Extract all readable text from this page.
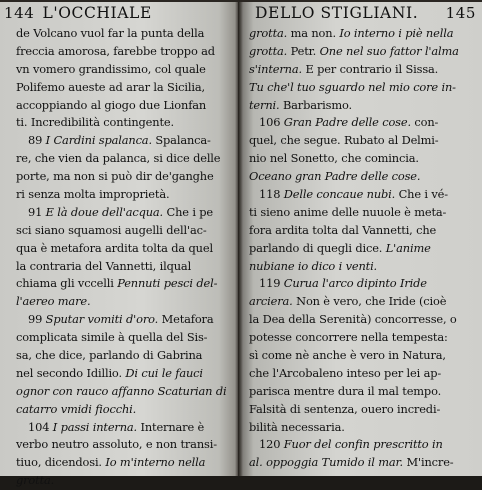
144 L'OCCHIALE
de Volcano vuol far la punta della
freccia amorosa, farebbe troppo ad
vn vomero grandissimo, col quale
Polifemo aueste ad arar la Sicilia,
accoppiando al giogo due Lionfan
ti. Incredibilità contingente.
89 I Cardini spalanca. Spalanca-
re, che vien da palanca, si dice delle
porte, ma non si può dir de'ganghe
ri senza molta improprietà.
91 E là doue dell'acqua. Che i pe
sci siano squamosi augelli dell'ac-
qua è metafora ardita tolta da quel
la contraria del Vannetti, ilqual
chiama gli vccelli Pennuti pesci del-
l'aereo mare.
99 Sputar vomiti d'oro. Metafora
complicata simile à quella del Sis-
sa, che dice, parlando di Gabrina
nel secondo Idillio. Di cui le fauci
ognor con rauco affanno Scaturian di
catarro vmidi fiocchi.
104 I passi interna. Internare è
verbo neutro assoluto, e non transi-
tiuo, dicendosi. Io m'interno nella
grotta.
DELLO STIGLIANI. 145
grotta. ma non. Io interno i piè nella
grotta. Petr. One nel suo fattor l'alma
s'interna. E per contrario il Sissa.
Tu che'l tuo sguardo nel mio core in-
terni. Barbarismo.
106 Gran Padre delle cose. con-
quel, che segue. Rubato al Delmi-
nio nel Sonetto, che comincia.
Oceano gran Padre delle cose.
118 Delle concaue nubi. Che i vé-
ti sieno anime delle nuuole è meta-
fora ardita tolta dal Vannetti, che
parlando di quegli dice. L'anime
nubiane io dico i venti.
119 Curua l'arco dipinto Iride
arciera. Non è vero, che Iride (cioè
la Dea della Serenità) concorresse, o
potesse concorrere nella tempesta:
sì come nè anche è vero in Natura,
che l'Arcobaleno inteso per lei ap-
parisca mentre dura il mal tempo.
Falsità di sentenza, ouero incredi-
bilità necessaria.
120 Fuor del confin prescritto in
al. oppoggia Tumido il mar. M'incre-
